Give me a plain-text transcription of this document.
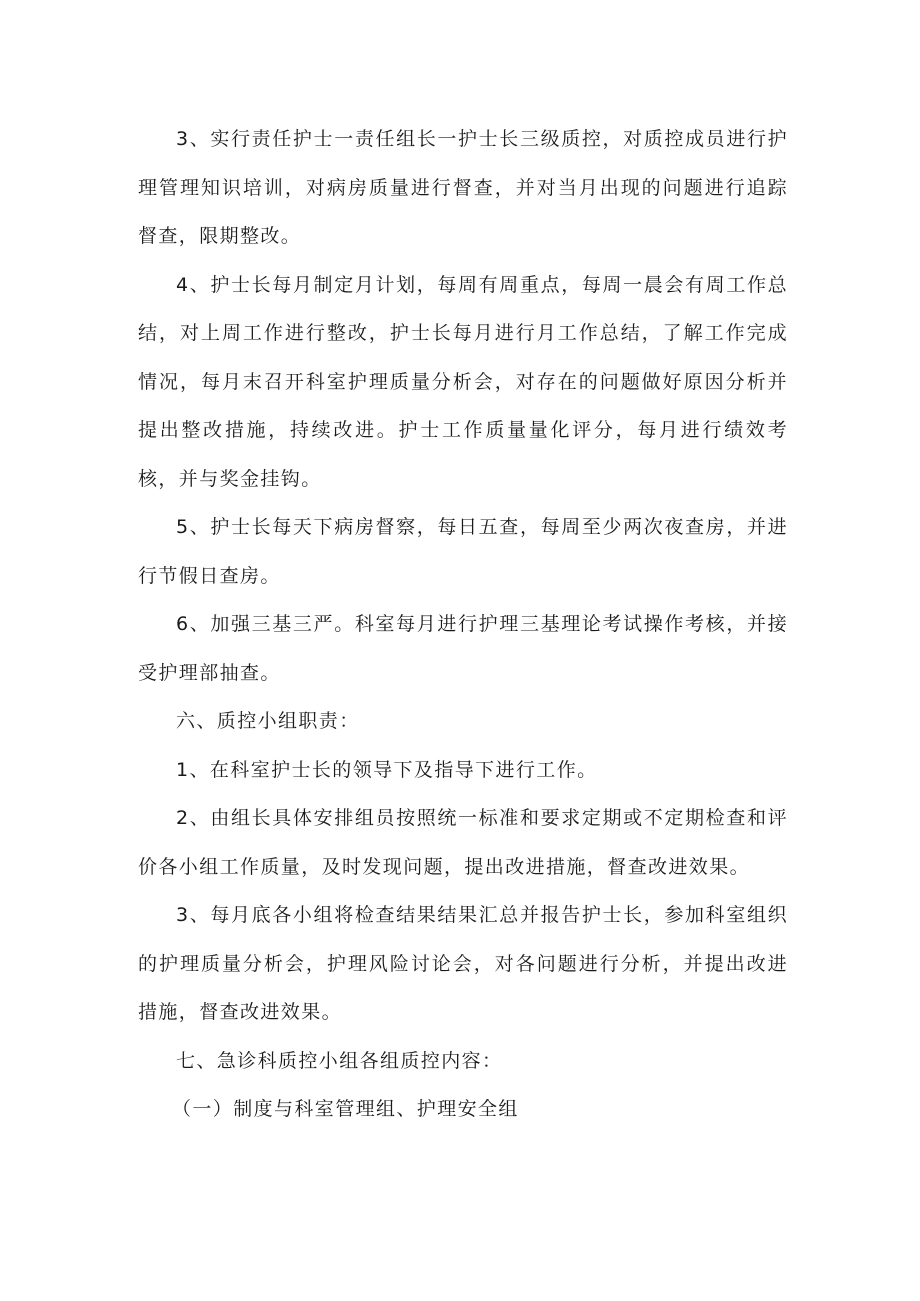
3、实行责任护士一责任组长一护士长三级质控，对质控成员进行护理管理知识培训，对病房质量进行督查，并对当月出现的问题进行追踪督查，限期整改。

4、护士长每月制定月计划，每周有周重点，每周一晨会有周工作总结，对上周工作进行整改，护士长每月进行月工作总结，了解工作完成情况，每月末召开科室护理质量分析会，对存在的问题做好原因分析并提出整改措施，持续改进。护士工作质量量化评分，每月进行绩效考核，并与奖金挂钩。

5、护士长每天下病房督察，每日五查，每周至少两次夜查房，并进行节假日查房。

6、加强三基三严。科室每月进行护理三基理论考试操作考核，并接受护理部抽查。

六、质控小组职责：

1、在科室护士长的领导下及指导下进行工作。

2、由组长具体安排组员按照统一标准和要求定期或不定期检查和评价各小组工作质量，及时发现问题，提出改进措施，督查改进效果。

3、每月底各小组将检查结果结果汇总并报告护士长，参加科室组织的护理质量分析会，护理风险讨论会，对各问题进行分析，并提出改进措施，督查改进效果。

七、急诊科质控小组各组质控内容：

（一）制度与科室管理组、护理安全组
